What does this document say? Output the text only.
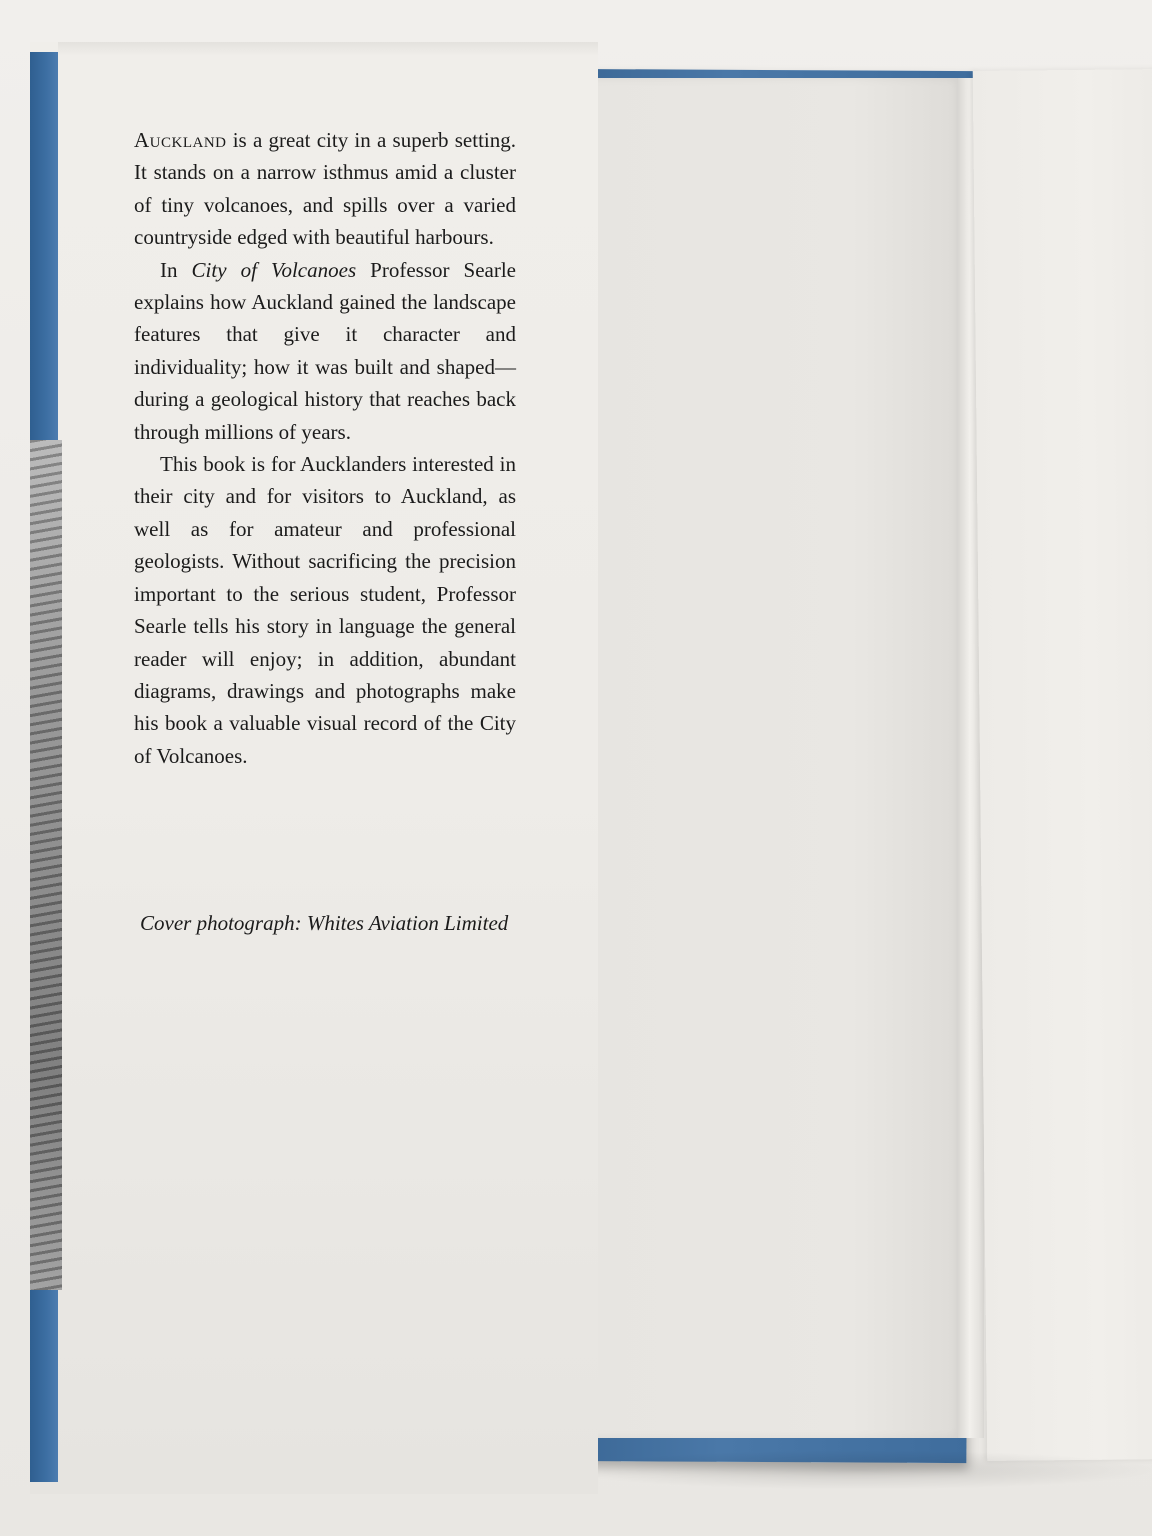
Auckland is a great city in a superb setting. It stands on a narrow isthmus amid a cluster of tiny volcanoes, and spills over a varied countryside edged with beautiful harbours.

In City of Volcanoes Professor Searle explains how Auckland gained the landscape features that give it character and individuality; how it was built and shaped—during a geological history that reaches back through millions of years.

This book is for Aucklanders interested in their city and for visitors to Auckland, as well as for amateur and professional geologists. Without sacrificing the precision important to the serious student, Professor Searle tells his story in language the general reader will enjoy; in addition, abundant diagrams, drawings and photographs make his book a valuable visual record of the City of Volcanoes.

Cover photograph: Whites Aviation Limited
